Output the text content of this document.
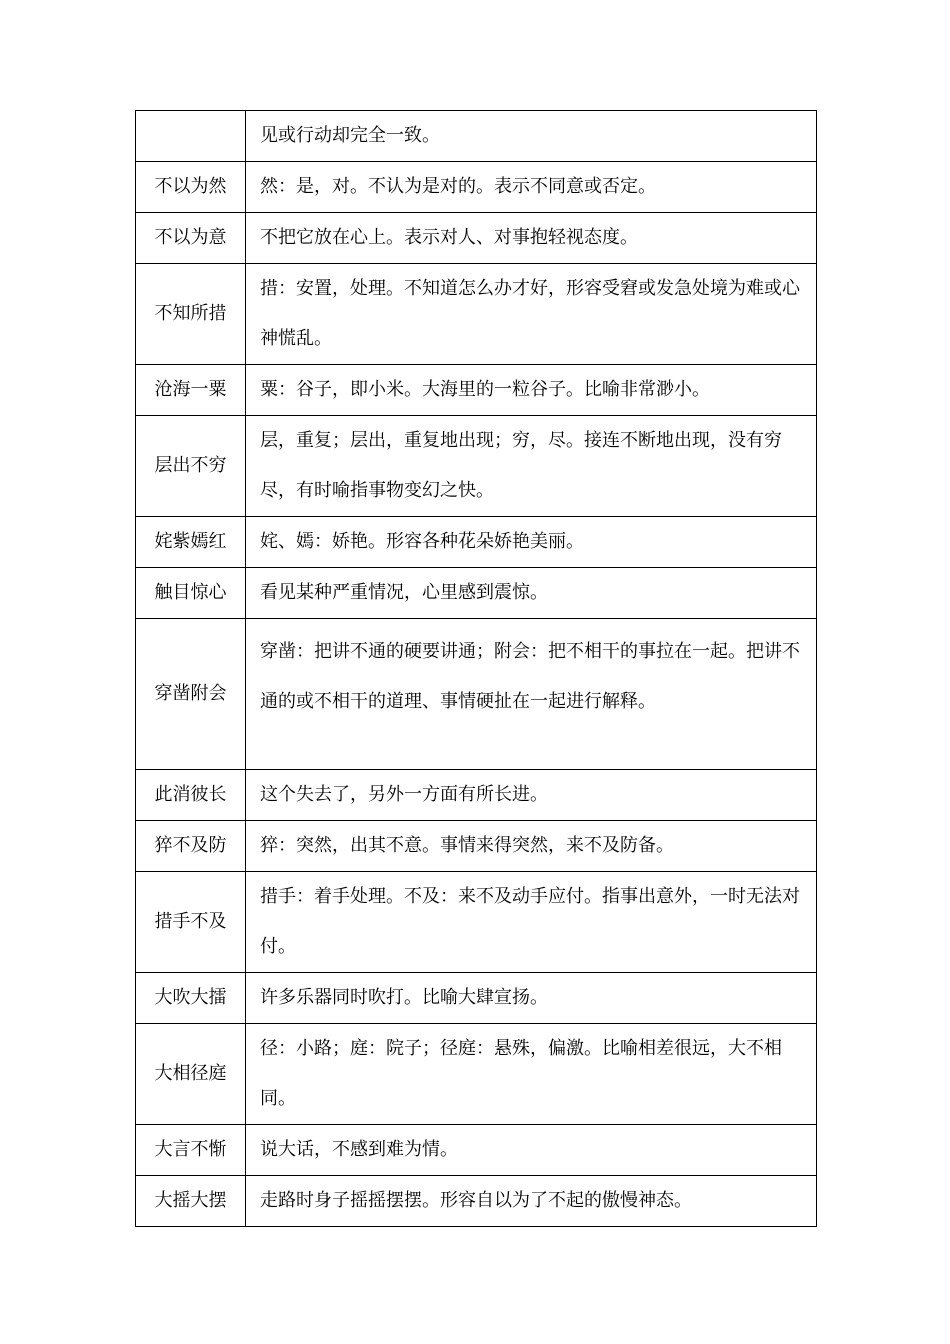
	见或行动却完全一致。

不以为然	然：是，对。不认为是对的。表示不同意或否定。

不以为意	不把它放在心上。表示对人、对事抱轻视态度。

不知所措	措：安置，处理。不知道怎么办才好，形容受窘或发急处境为难或心神慌乱。

沧海一粟	粟：谷子，即小米。大海里的一粒谷子。比喻非常渺小。

层出不穷	层，重复；层出，重复地出现；穷，尽。接连不断地出现，没有穷尽，有时喻指事物变幻之快。

姹紫嫣红	姹、嫣：娇艳。形容各种花朵娇艳美丽。

触目惊心	看见某种严重情况，心里感到震惊。

穿凿附会	穿凿：把讲不通的硬要讲通；附会：把不相干的事拉在一起。把讲不通的或不相干的道理、事情硬扯在一起进行解释。

此消彼长	这个失去了，另外一方面有所长进。

猝不及防	猝：突然，出其不意。事情来得突然，来不及防备。

措手不及	措手：着手处理。不及：来不及动手应付。指事出意外，一时无法对付。

大吹大擂	许多乐器同时吹打。比喻大肆宣扬。

大相径庭	径：小路；庭：院子；径庭：悬殊，偏激。比喻相差很远，大不相同。

大言不惭	说大话，不感到难为情。

大摇大摆	走路时身子摇摇摆摆。形容自以为了不起的傲慢神态。
